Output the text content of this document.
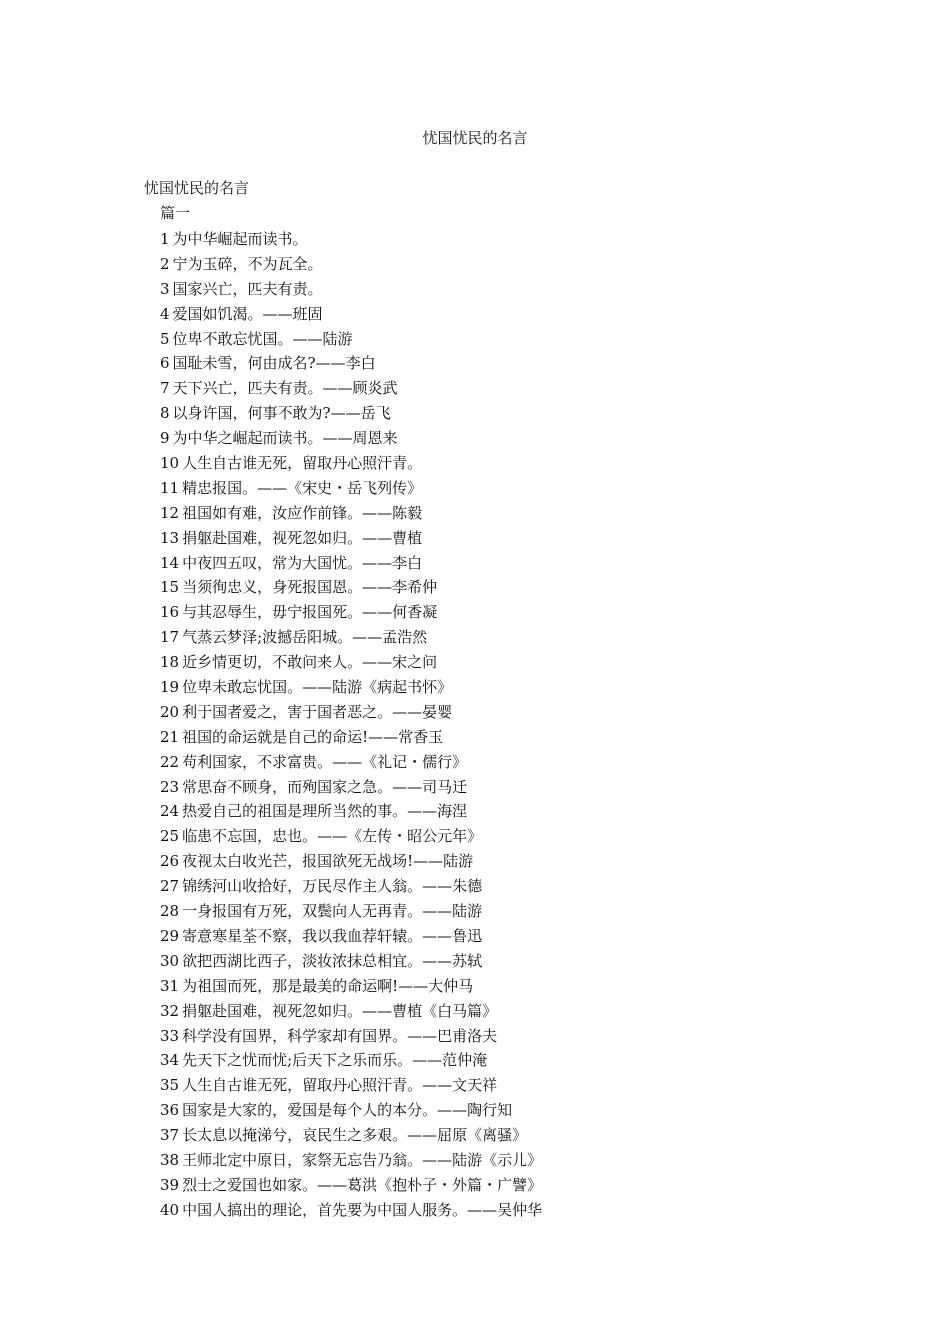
忧国忧民的名言
忧国忧民的名言
篇一
1 为中华崛起而读书。
2 宁为玉碎，不为瓦全。
3 国家兴亡，匹夫有责。
4 爱国如饥渴。——班固
5 位卑不敢忘忧国。——陆游
6 国耻未雪，何由成名?——李白
7 天下兴亡，匹夫有责。——顾炎武
8 以身许国，何事不敢为?——岳飞
9 为中华之崛起而读书。——周恩来
10 人生自古谁无死，留取丹心照汗青。
11 精忠报国。——《宋史・岳飞列传》
12 祖国如有难，汝应作前锋。——陈毅
13 捐躯赴国难，视死忽如归。——曹植
14 中夜四五叹，常为大国忧。——李白
15 当须徇忠义，身死报国恩。——李希仲
16 与其忍辱生，毋宁报国死。——何香凝
17 气蒸云梦泽;波撼岳阳城。——孟浩然
18 近乡情更切，不敢问来人。——宋之问
19 位卑未敢忘忧国。——陆游《病起书怀》
20 利于国者爱之，害于国者恶之。——晏婴
21 祖国的命运就是自己的命运!——常香玉
22 苟利国家，不求富贵。——《礼记・儒行》
23 常思奋不顾身，而殉国家之急。——司马迁
24 热爱自己的祖国是理所当然的事。——海涅
25 临患不忘国，忠也。——《左传・昭公元年》
26 夜视太白收光芒，报国欲死无战场!——陆游
27 锦绣河山收拾好，万民尽作主人翁。——朱德
28 一身报国有万死，双鬓向人无再青。——陆游
29 寄意寒星荃不察，我以我血荐轩辕。——鲁迅
30 欲把西湖比西子，淡妆浓抹总相宜。——苏轼
31 为祖国而死，那是最美的命运啊!——大仲马
32 捐躯赴国难，视死忽如归。——曹植《白马篇》
33 科学没有国界，科学家却有国界。——巴甫洛夫
34 先天下之忧而忧;后天下之乐而乐。——范仲淹
35 人生自古谁无死，留取丹心照汗青。——文天祥
36 国家是大家的，爱国是每个人的本分。——陶行知
37 长太息以掩涕兮，哀民生之多艰。——屈原《离骚》
38 王师北定中原日，家祭无忘告乃翁。——陆游《示儿》
39 烈士之爱国也如家。——葛洪《抱朴子・外篇・广譬》
40 中国人搞出的理论，首先要为中国人服务。——吴仲华
